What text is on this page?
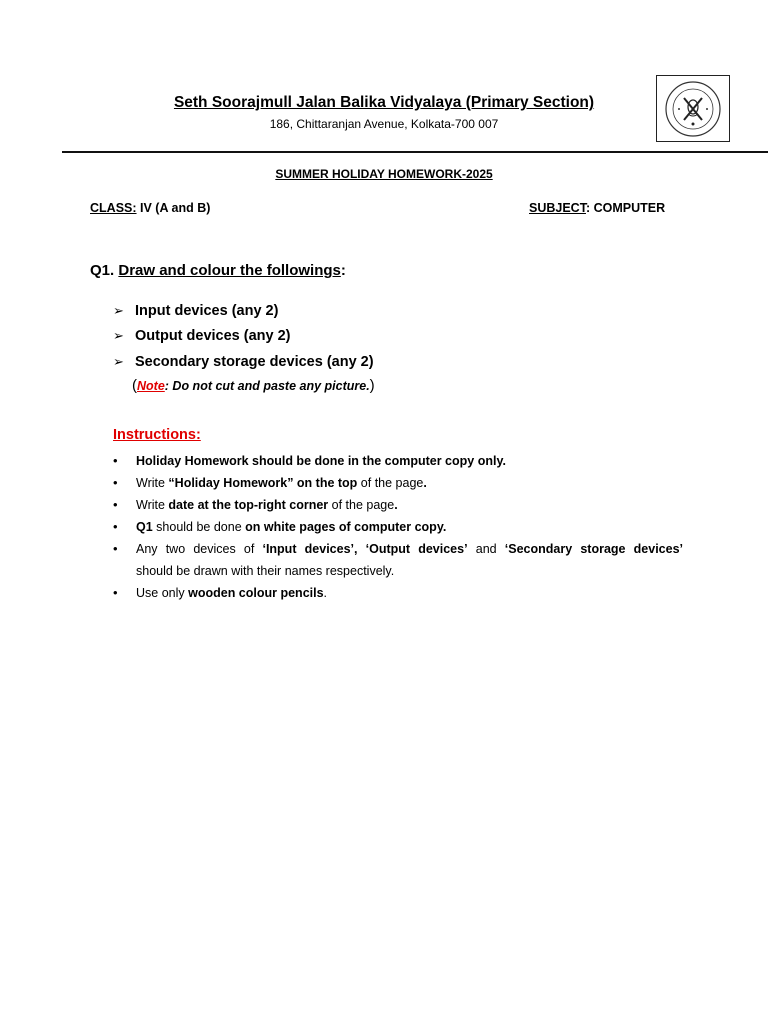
Seth Soorajmull Jalan Balika Vidyalaya (Primary Section)
186, Chittaranjan Avenue, Kolkata-700 007
SUMMER HOLIDAY HOMEWORK-2025
CLASS: IV (A and B)	SUBJECT: COMPUTER
Q1. Draw and colour the followings:
➢ Input devices (any 2)
➢ Output devices (any 2)
➢ Secondary storage devices (any 2)
(Note: Do not cut and paste any picture.)
Instructions:
• Holiday Homework should be done in the computer copy only.
• Write “Holiday Homework” on the top of the page.
• Write date at the top-right corner of the page.
• Q1 should be done on white pages of computer copy.
• Any two devices of ‘Input devices’, ‘Output devices’ and ‘Secondary storage devices’
should be drawn with their names respectively.
• Use only wooden colour pencils.
